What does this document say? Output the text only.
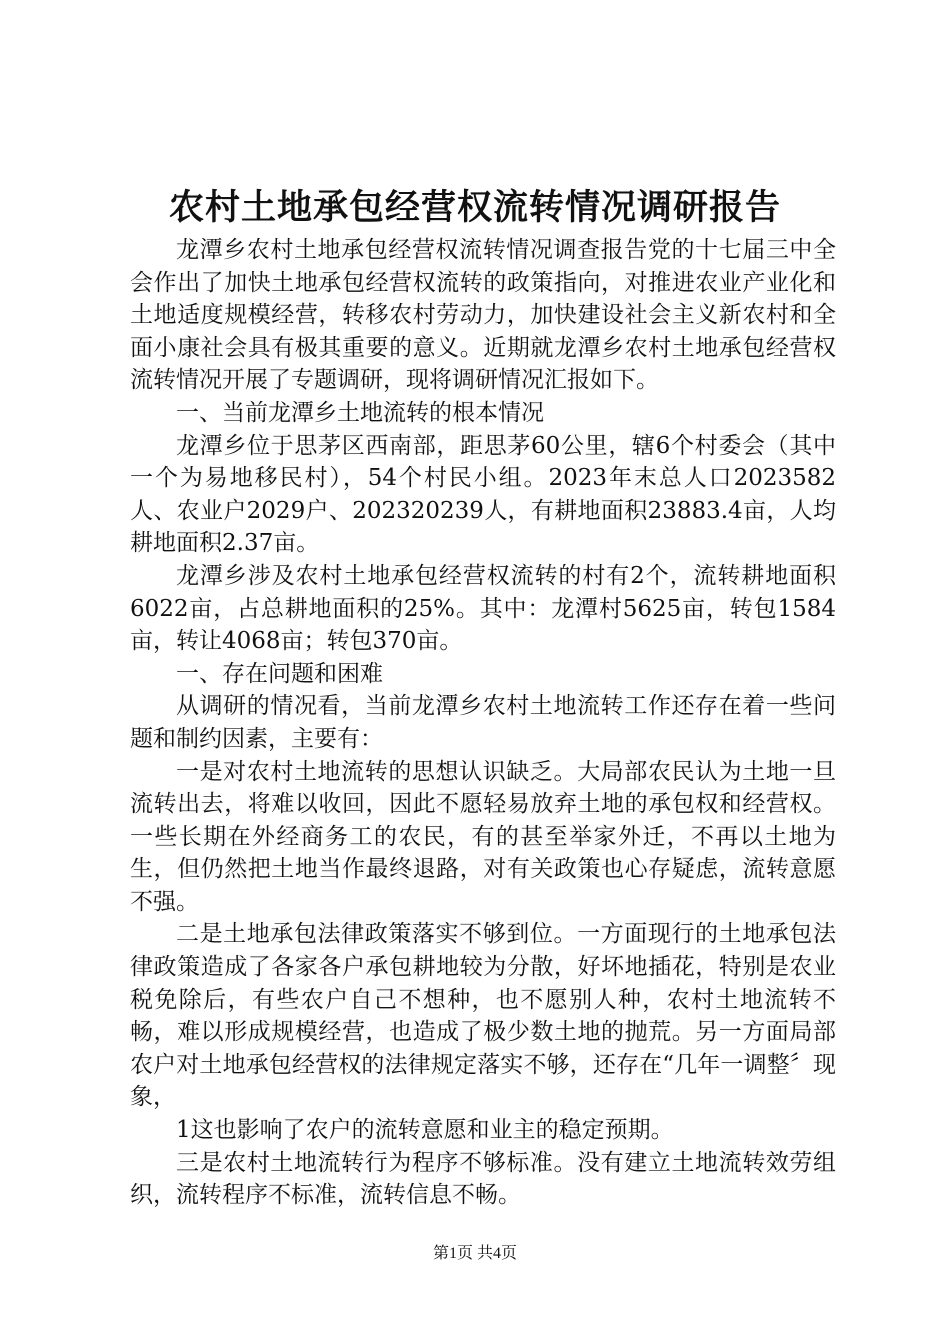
农村土地承包经营权流转情况调研报告

龙潭乡农村土地承包经营权流转情况调查报告党的十七届三中全会作出了加快土地承包经营权流转的政策指向，对推进农业产业化和土地适度规模经营，转移农村劳动力，加快建设社会主义新农村和全面小康社会具有极其重要的意义。近期就龙潭乡农村土地承包经营权流转情况开展了专题调研，现将调研情况汇报如下。

一、当前龙潭乡土地流转的根本情况

龙潭乡位于思茅区西南部，距思茅60公里，辖6个村委会（其中一个为易地移民村），54个村民小组。2023年末总人口2023582人、农业户2029户、202320239人，有耕地面积23883.4亩，人均耕地面积2.37亩。

龙潭乡涉及农村土地承包经营权流转的村有2个，流转耕地面积6022亩，占总耕地面积的25%。其中：龙潭村5625亩，转包1584亩，转让4068亩；转包370亩。

一、存在问题和困难

从调研的情况看，当前龙潭乡农村土地流转工作还存在着一些问题和制约因素，主要有：

一是对农村土地流转的思想认识缺乏。大局部农民认为土地一旦流转出去，将难以收回，因此不愿轻易放弃土地的承包权和经营权。一些长期在外经商务工的农民，有的甚至举家外迁，不再以土地为生，但仍然把土地当作最终退路，对有关政策也心存疑虑，流转意愿不强。

二是土地承包法律政策落实不够到位。一方面现行的土地承包法律政策造成了各家各户承包耕地较为分散，好坏地插花，特别是农业税免除后，有些农户自己不想种，也不愿别人种，农村土地流转不畅，难以形成规模经营，也造成了极少数土地的抛荒。另一方面局部农户对土地承包经营权的法律规定落实不够，还存在“几年一调整〞现象，

1这也影响了农户的流转意愿和业主的稳定预期。

三是农村土地流转行为程序不够标准。没有建立土地流转效劳组织，流转程序不标准，流转信息不畅。

第1页 共4页
